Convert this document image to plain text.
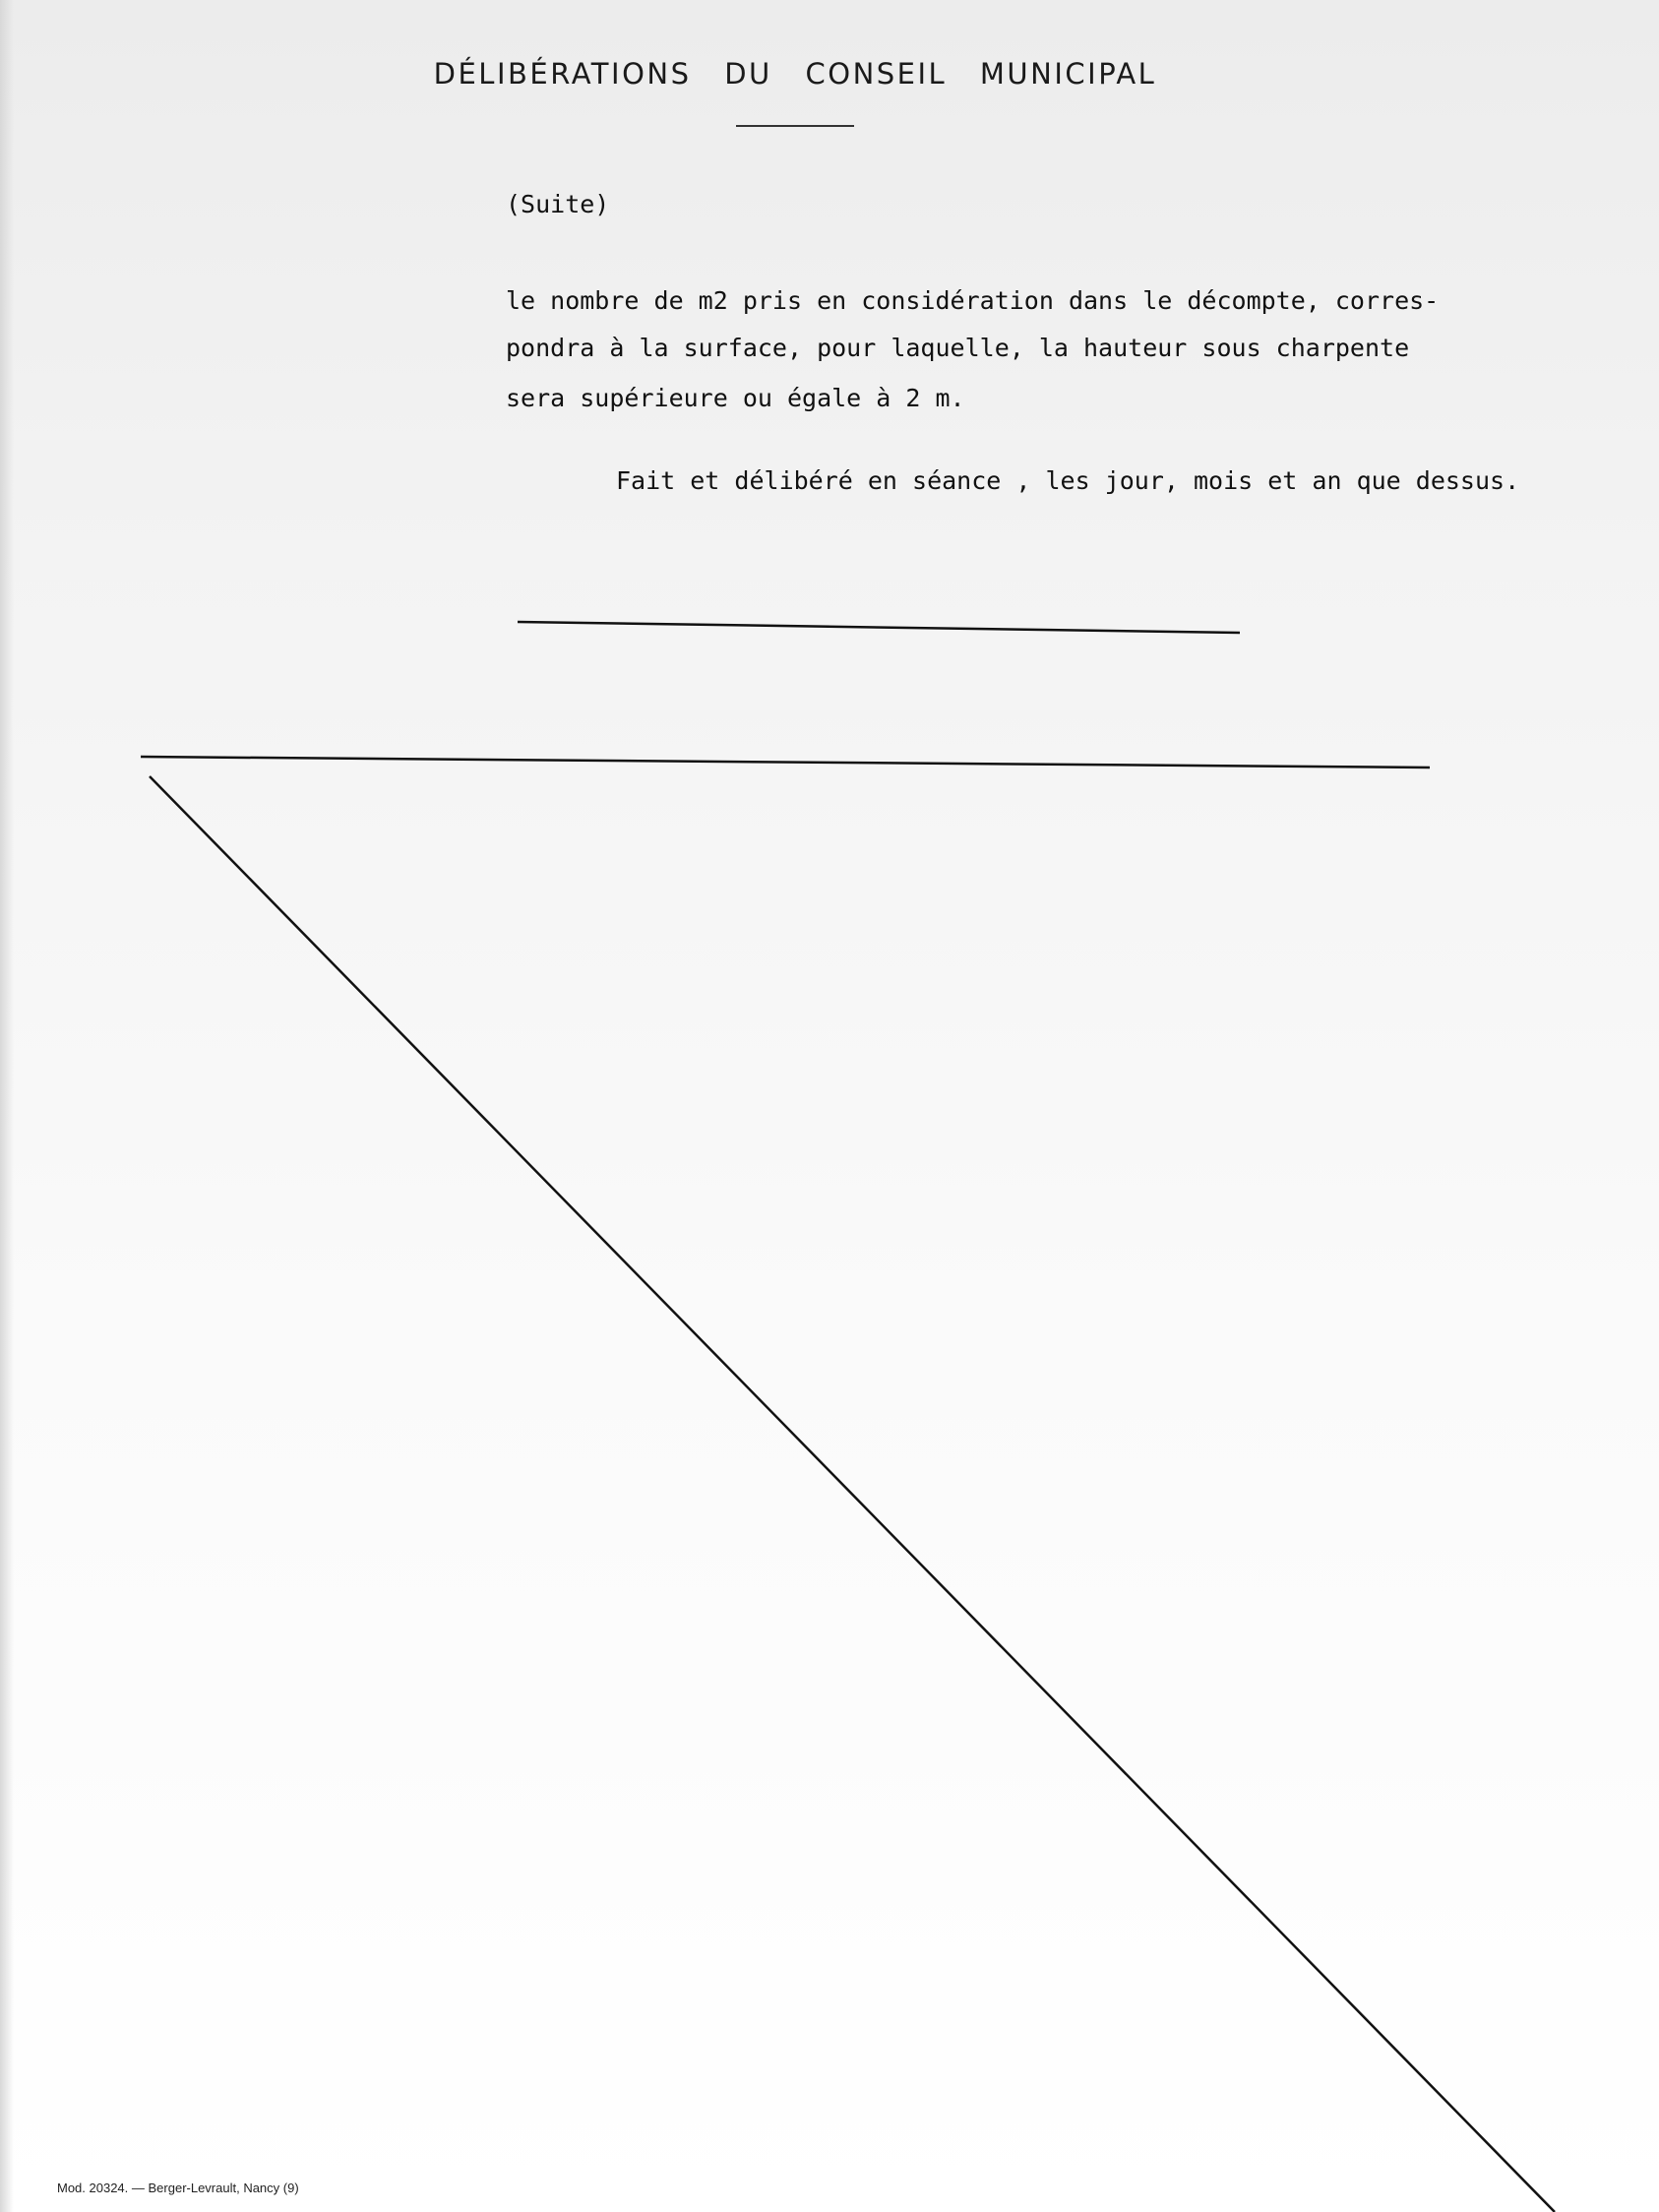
DÉLIBÉRATIONS DU CONSEIL MUNICIPAL
(Suite)
le nombre de m2 pris en considération dans le décompte, corres-
pondra à la surface, pour laquelle, la hauteur sous charpente
sera supérieure ou égale à 2 m.
Fait et délibéré en séance , les jour, mois et an que dessus.
Mod. 20324. — Berger-Levrault, Nancy (9)
